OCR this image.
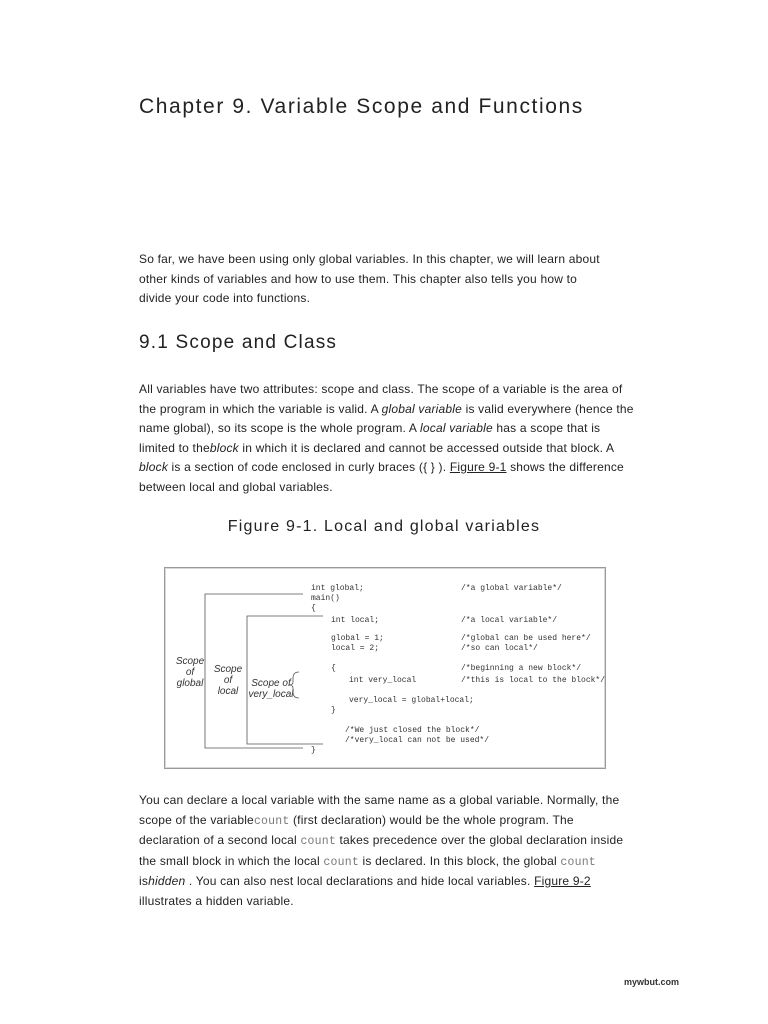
Chapter 9. Variable Scope and Functions

So far, we have been using only global variables. In this chapter, we will learn about
other kinds of variables and how to use them. This chapter also tells you how to
divide your code into functions.

9.1 Scope and Class

All variables have two attributes: scope and class. The scope of a variable is the area of the program in which the variable is valid. A global variable is valid everywhere (hence the name global), so its scope is the whole program. A local variable has a scope that is limited to theblock in which it is declared and cannot be accessed outside that block. A block is a section of code enclosed in curly braces ({ } ). Figure 9-1 shows the difference between local and global variables.

Figure 9-1. Local and global variables

int global;
main()
{
int local;
global = 1;
local = 2;
{
int very_local
very_local = global+local;
}
/*We just closed the block*/
/*very_local can not be used*/
}
/*a global variable*/
/*a local variable*/
/*global can be used here*/
/*so can local*/
/*beginning a new block*/
/*this is local to the block*/
Scope
of
global
Scope
of
local
Scope of
very_local

You can declare a local variable with the same name as a global variable. Normally, the scope of the variablecount (first declaration) would be the whole program. The declaration of a second local count takes precedence over the global declaration inside the small block in which the local count is declared. In this block, the global count ishidden . You can also nest local declarations and hide local variables. Figure 9-2 illustrates a hidden variable.

mywbut.com
